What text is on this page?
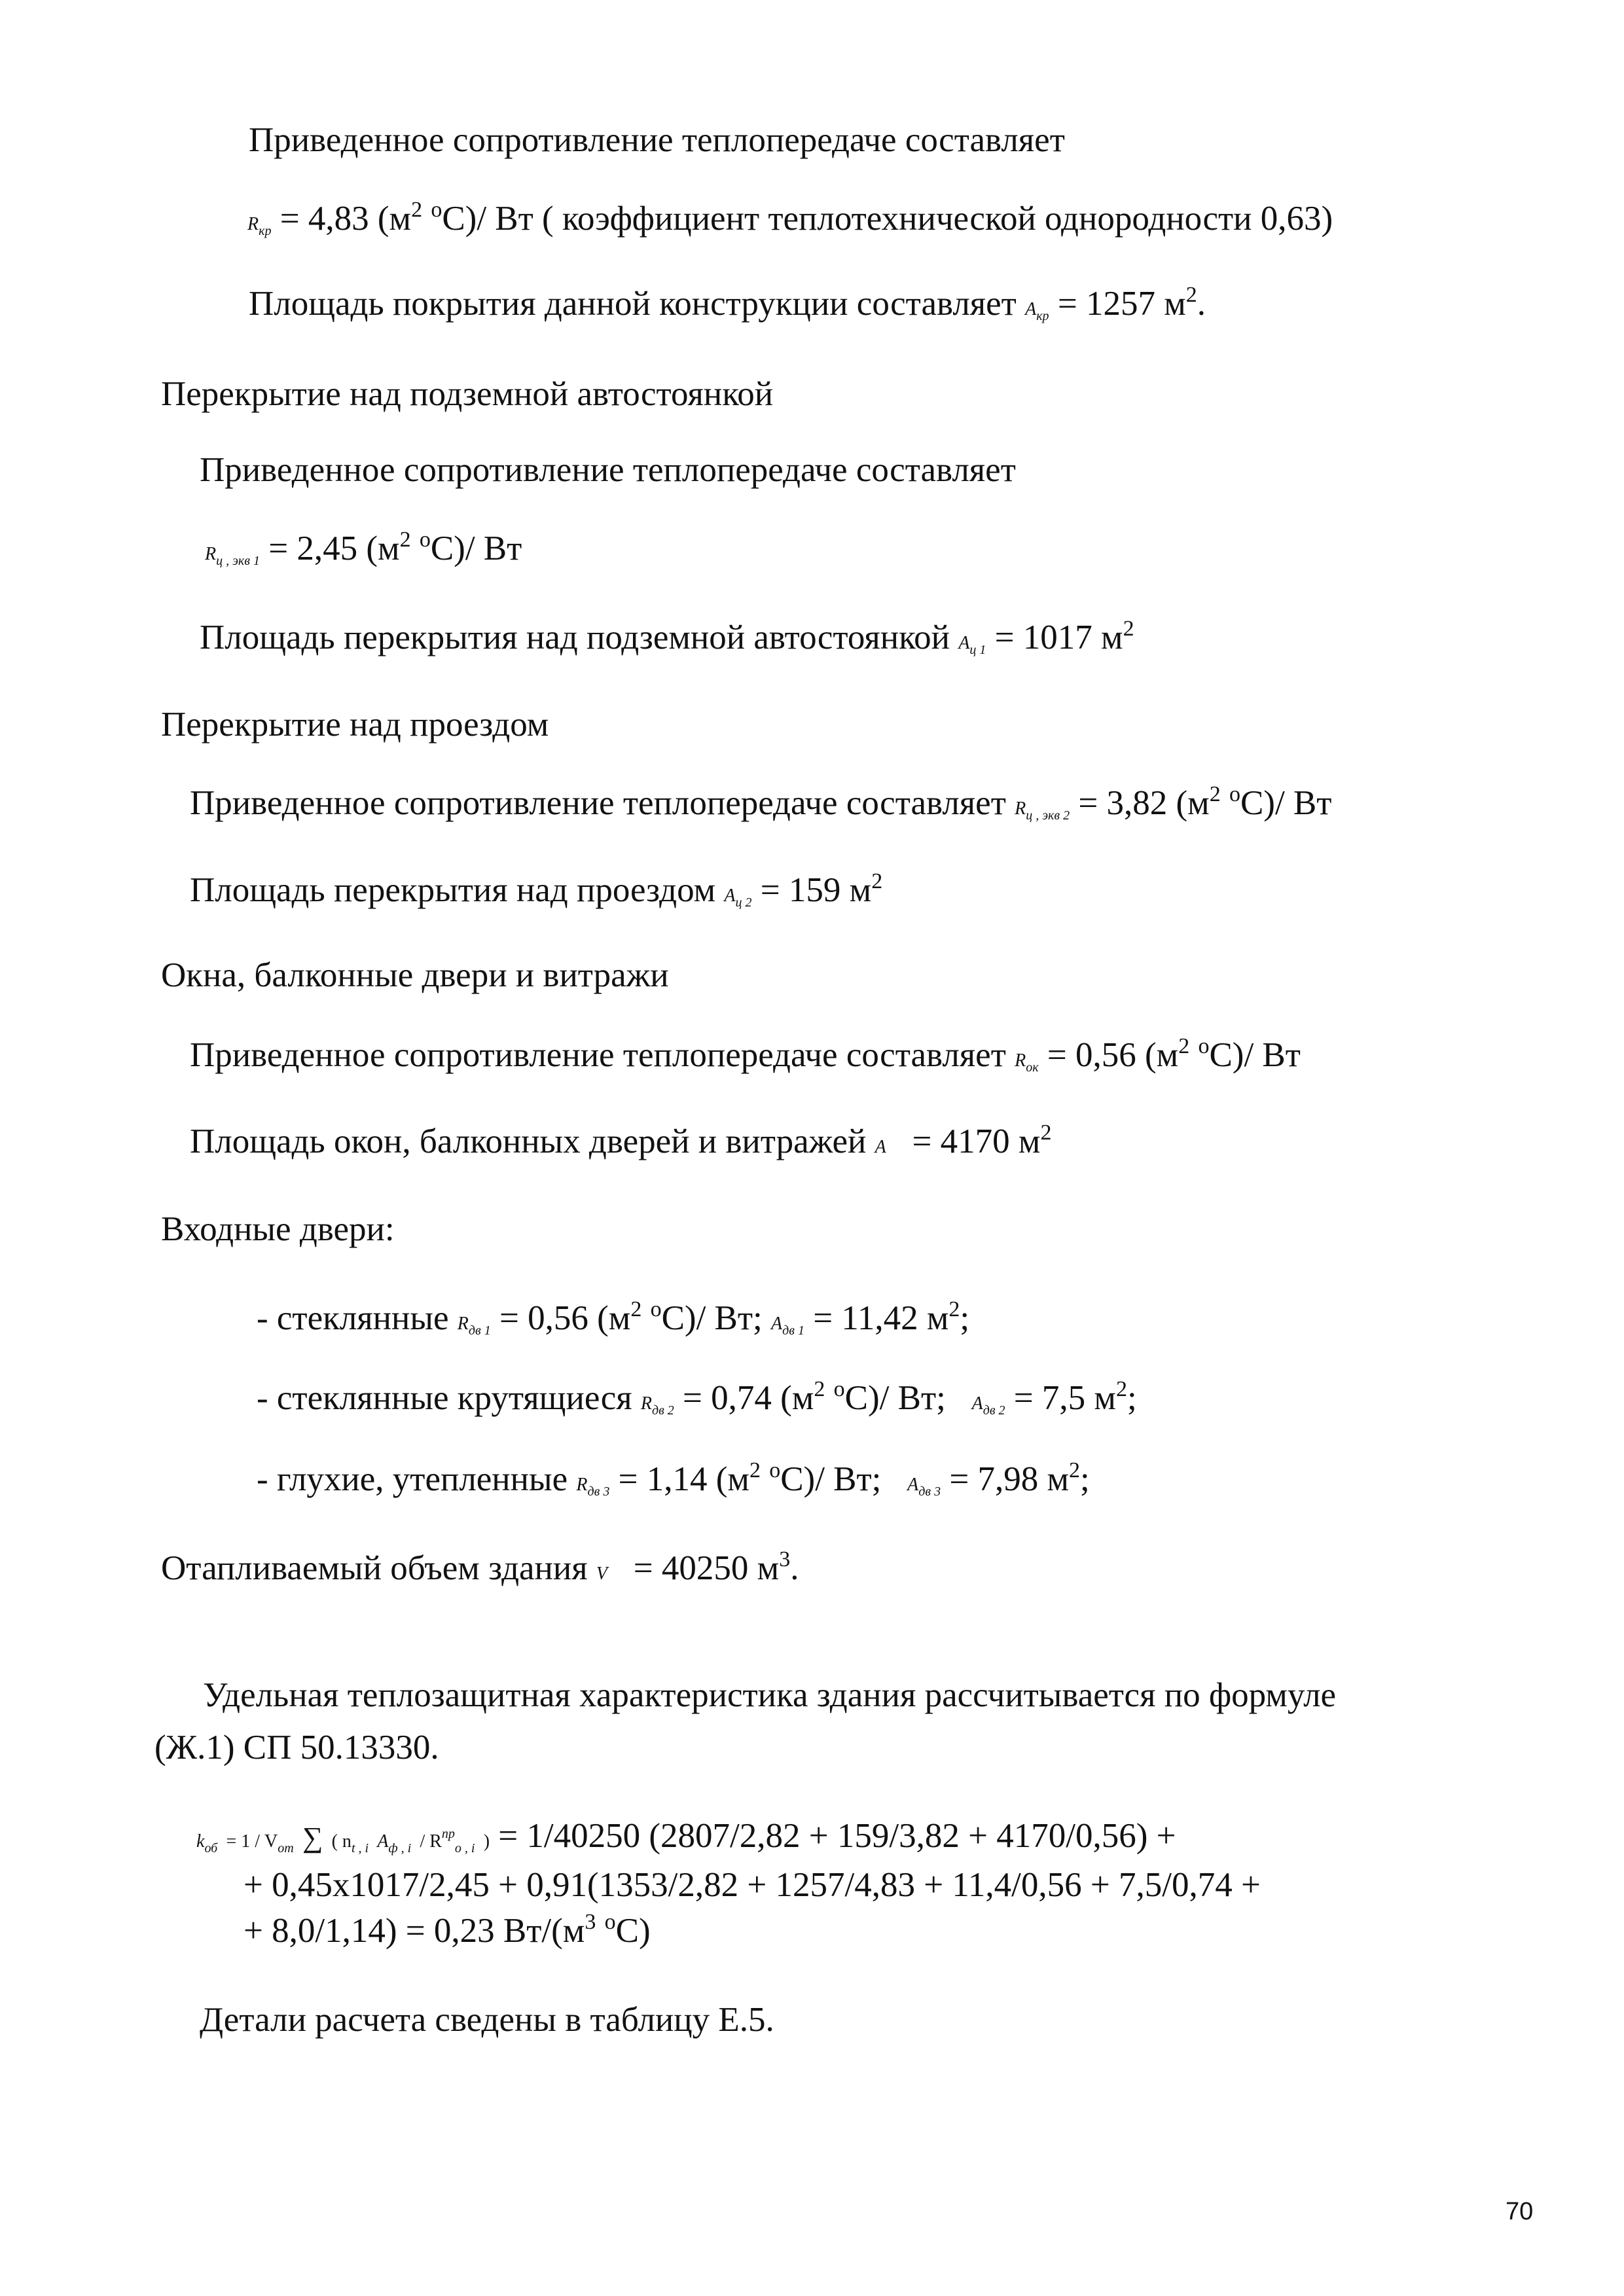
Приведенное сопротивление теплопередаче составляет
Rкр = 4,83 ($м^2$ $^o$С)/ Вт ( коэффициент теплотехнической однородности 0,63)
Площадь покрытия данной конструкции составляет Aкр = 1257 $м^2$.
Перекрытие над подземной автостоянкой
Приведенное сопротивление теплопередаче составляет
Rц , экв 1 = 2,45 ($м^2$ $^o$С)/ Вт
Площадь перекрытия над подземной автостоянкой Aц 1 = 1017 $м^2$
Перекрытие над проездом
Приведенное сопротивление теплопередаче составляет Rц , экв 2 = 3,82 ($м^2$ $^o$С)/ Вт
Площадь перекрытия над проездом Aц 2 = 159 $м^2$
Окна, балконные двери и витражи
Приведенное сопротивление теплопередаче составляет Rок = 0,56 ($м^2$ $^o$С)/ Вт
Площадь окон, балконных дверей и витражей A = 4170 $м^2$
Входные двери:
- стеклянные Rдв 1 = 0,56 ($м^2$ $^o$С)/ Вт; Aдв 1 = 11,42 $м^2$;
- стеклянные крутящиеся Rдв 2 = 0,74 ($м^2$ $^o$С)/ Вт; Aдв 2 = 7,5 $м^2$;
- глухие, утепленные Rдв 3 = 1,14 ($м^2$ $^o$С)/ Вт; Aдв 3 = 7,98 $м^2$;
Отапливаемый объем здания V = 40250 $м^3$.
Удельная теплозащитная характеристика здания рассчитывается по формуле
(Ж.1) СП 50.13330.
kоб = 1 / Vот ∑ ( nt , i Aф , i / $R^{пр}o$ , i ) = 1/40250 (2807/2,82 + 159/3,82 + 4170/0,56) +
+ 0,45x1017/2,45 + 0,91(1353/2,82 + 1257/4,83 + 11,4/0,56 + 7,5/0,74 +
+ 8,0/1,14) = 0,23 $Вт/(м^3$ $^o$С)
Детали расчета сведены в таблицу Е.5.
70
